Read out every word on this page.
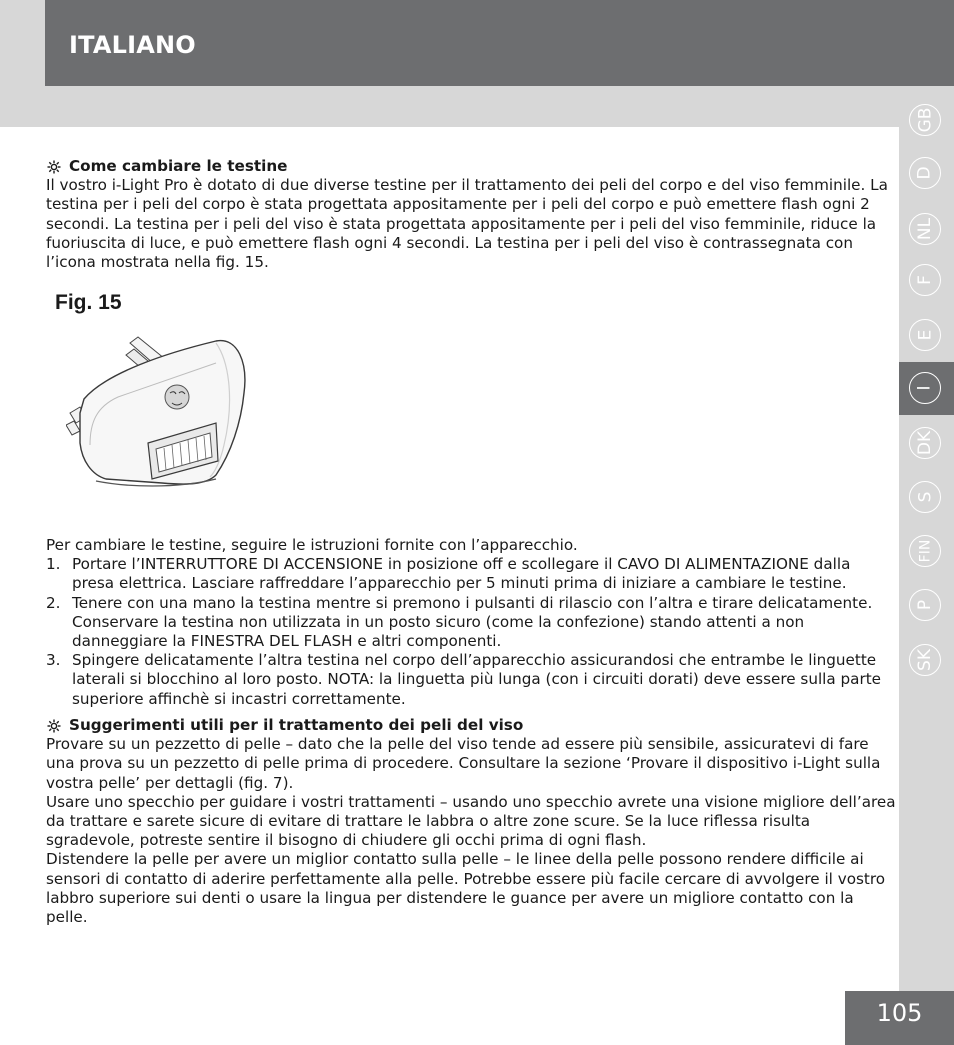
ITALIANO
GB
D
NL
F
E
I
DK
S
FIN
P
SK
Come cambiare le testine

Il vostro i-Light Pro è dotato di due diverse testine per il trattamento dei peli del corpo e del viso femminile. La testina per i peli del corpo è stata progettata appositamente per i peli del corpo e può emettere flash ogni 2 secondi. La testina per i peli del viso è stata progettata appositamente per i peli del viso femminile, riduce la fuoriuscita di luce, e può emettere flash ogni 4 secondi. La testina per i peli del viso è contrassegnata con l’icona mostrata nella fig. 15.

Fig. 15

Per cambiare le testine, seguire le istruzioni fornite con l’apparecchio.

1. Portare l’INTERRUTTORE DI ACCENSIONE in posizione off e scollegare il CAVO DI ALIMENTAZIONE dalla presa elettrica. Lasciare raffreddare l’apparecchio per 5 minuti prima di iniziare a cambiare le testine.
2. Tenere con una mano la testina mentre si premono i pulsanti di rilascio con l’altra e tirare delicatamente. Conservare la testina non utilizzata in un posto sicuro (come la confezione) stando attenti a non danneggiare la FINESTRA DEL FLASH e altri componenti.
3. Spingere delicatamente l’altra testina nel corpo dell’apparecchio assicurandosi che entrambe le linguette laterali si blocchino al loro posto. NOTA: la linguetta più lunga (con i circuiti dorati) deve essere sulla parte superiore affinchè si incastri correttamente.
Suggerimenti utili per il trattamento dei peli del viso

Provare su un pezzetto di pelle – dato che la pelle del viso tende ad essere più sensibile, assicuratevi di fare una prova su un pezzetto di pelle prima di procedere. Consultare la sezione ‘Provare il dispositivo i-Light sulla vostra pelle’ per dettagli (fig. 7).

Usare uno specchio per guidare i vostri trattamenti – usando uno specchio avrete una visione migliore dell’area da trattare e sarete sicure di evitare di trattare le labbra o altre zone scure. Se la luce riflessa risulta sgradevole, potreste sentire il bisogno di chiudere gli occhi prima di ogni flash.

Distendere la pelle per avere un miglior contatto sulla pelle – le linee della pelle possono rendere difficile ai sensori di contatto di aderire perfettamente alla pelle. Potrebbe essere più facile cercare di avvolgere il vostro labbro superiore sui denti o usare la lingua per distendere le guance per avere un migliore contatto con la pelle.

105
